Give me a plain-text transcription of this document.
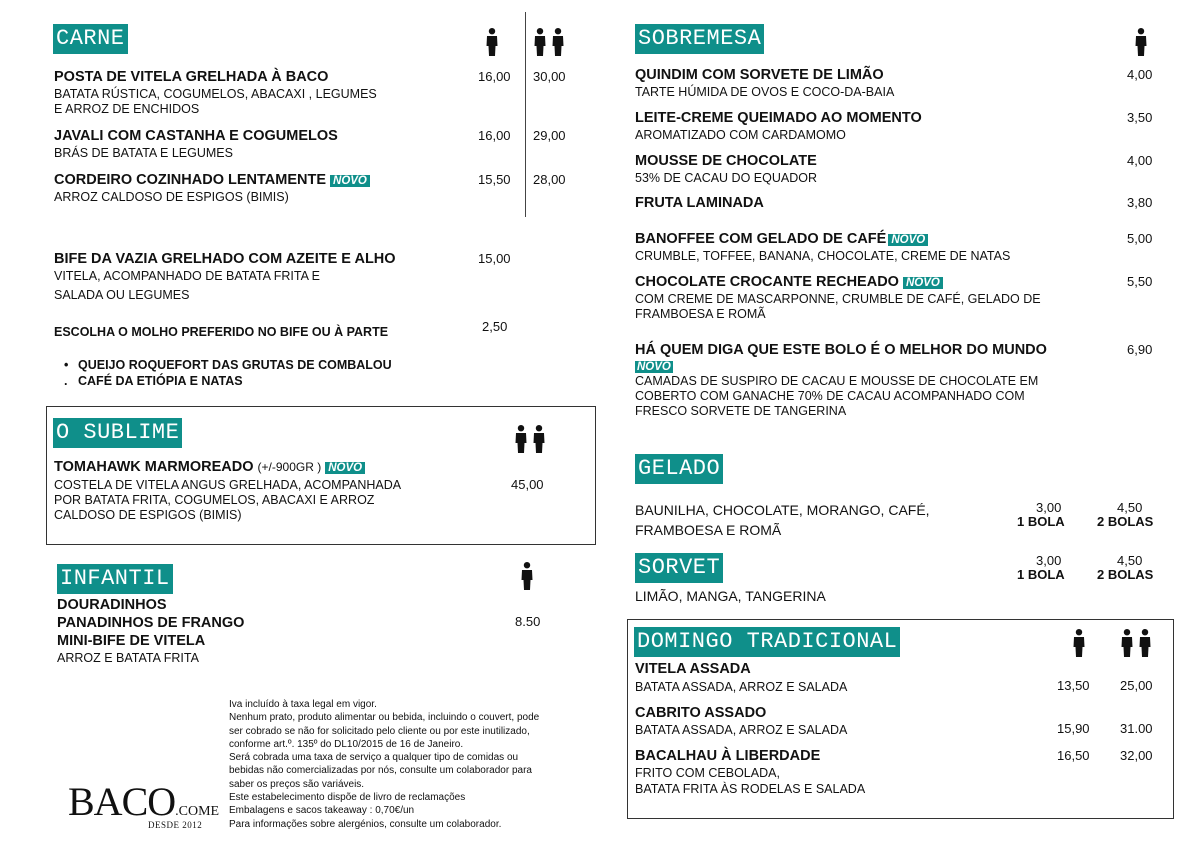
CARNE
POSTA DE VITELA GRELHADA À BACO
BATATA RÚSTICA, COGUMELOS, ABACAXI , LEGUMES
E ARROZ DE ENCHIDOS
16,00 30,00
JAVALI COM CASTANHA E COGUMELOS
BRÁS DE BATATA E LEGUMES
16,00 29,00
CORDEIRO COZINHADO LENTAMENTE NOVO
ARROZ CALDOSO DE ESPIGOS (BIMIS)
15,50 28,00
BIFE DA VAZIA GRELHADO COM AZEITE E ALHO
VITELA, ACOMPANHADO DE BATATA FRITA E
SALADA OU LEGUMES
15,00
ESCOLHA O MOLHO PREFERIDO NO BIFE OU À PARTE	2,50
• QUEIJO ROQUEFORT DAS GRUTAS DE COMBALOU
. CAFÉ DA ETIÓPIA E NATAS
O SUBLIME
TOMAHAWK MARMOREADO (+/-900GR ) NOVO
COSTELA DE VITELA ANGUS GRELHADA, ACOMPANHADA
POR BATATA FRITA, COGUMELOS, ABACAXI E ARROZ
CALDOSO DE ESPIGOS (BIMIS)
45,00
INFANTIL
DOURADINHOS
PANADINHOS DE FRANGO
MINI-BIFE DE VITELA
ARROZ E BATATA FRITA
8.50
Iva incluído à taxa legal em vigor.
Nenhum prato, produto alimentar ou bebida, incluindo o couvert, pode
ser cobrado se não for solicitado pelo cliente ou por este inutilizado,
conforme art.º. 135º do DL10/2015 de 16 de Janeiro.
Será cobrada uma taxa de serviço a qualquer tipo de comidas ou
bebidas não comercializadas por nós, consulte um colaborador para
saber os preços são variáveis.
Este estabelecimento dispõe de livro de reclamações
Embalagens e sacos takeaway : 0,70€/un
Para informações sobre alergénios, consulte um colaborador.
BACO.COME
DESDE 2012
SOBREMESA
QUINDIM COM SORVETE DE LIMÃO
TARTE HÚMIDA DE OVOS E COCO-DA-BAIA
4,00
LEITE-CREME QUEIMADO AO MOMENTO
AROMATIZADO COM CARDAMOMO
3,50
MOUSSE DE CHOCOLATE
53% DE CACAU DO EQUADOR
4,00
FRUTA LAMINADA	3,80
BANOFFEE COM GELADO DE CAFÉ NOVO
CRUMBLE, TOFFEE, BANANA, CHOCOLATE, CREME DE NATAS
5,00
CHOCOLATE CROCANTE RECHEADO NOVO
COM CREME DE MASCARPONNE, CRUMBLE DE CAFÉ, GELADO DE
FRAMBOESA E ROMÃ
5,50
HÁ QUEM DIGA QUE ESTE BOLO É O MELHOR DO MUNDO
NOVO
CAMADAS DE SUSPIRO DE CACAU E MOUSSE DE CHOCOLATE EM
COBERTO COM GANACHE 70% DE CACAU ACOMPANHADO COM
FRESCO SORVETE DE TANGERINA
6,90
GELADO
BAUNILHA, CHOCOLATE, MORANGO, CAFÉ,
FRAMBOESA E ROMÃ
3,00
1 BOLA
4,50
2 BOLAS
SORVET
LIMÃO, MANGA, TANGERINA
3,00
1 BOLA
4,50
2 BOLAS
DOMINGO TRADICIONAL
VITELA ASSADA
BATATA ASSADA, ARROZ E SALADA	13,50 25,00
CABRITO ASSADO
BATATA ASSADA, ARROZ E SALADA	15,90 31.00
BACALHAU À LIBERDADE
FRITO COM CEBOLADA,
BATATA FRITA ÀS RODELAS E SALADA
16,50 32,00
